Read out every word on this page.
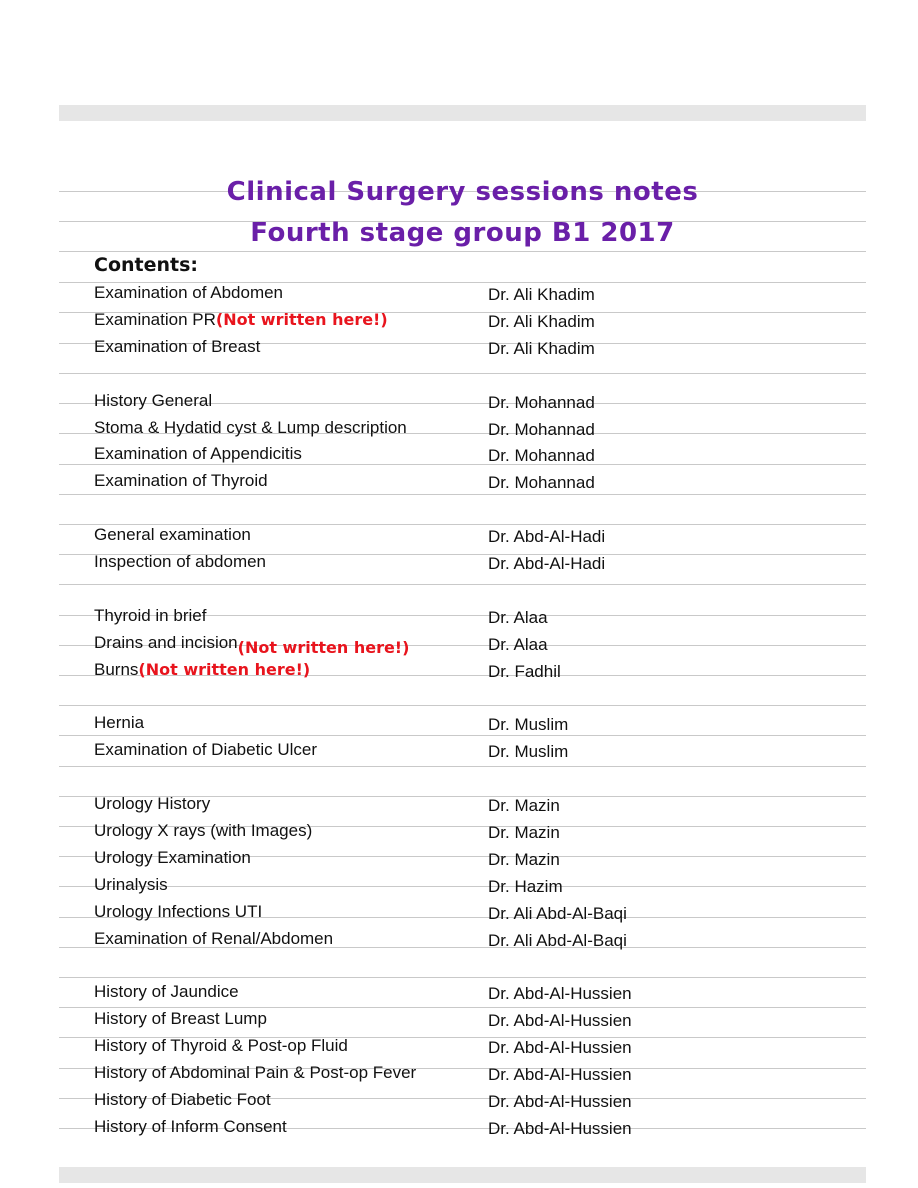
Clinical Surgery sessions notes
Fourth stage group B1 2017
Contents:
Examination of Abdomen	Dr. Ali Khadim
Examination PR(Not written here!)	Dr. Ali Khadim
Examination of Breast	Dr. Ali Khadim
History General	Dr. Mohannad
Stoma & Hydatid cyst & Lump description	Dr. Mohannad
Examination of Appendicitis	Dr. Mohannad
Examination of Thyroid	Dr. Mohannad
General examination	Dr. Abd-Al-Hadi
Inspection of abdomen	Dr. Abd-Al-Hadi
Thyroid in brief	Dr. Alaa
Drains and incision(Not written here!)	Dr. Alaa
Burns(Not written here!)	Dr. Fadhil
Hernia	Dr. Muslim
Examination of Diabetic Ulcer	Dr. Muslim
Urology History	Dr. Mazin
Urology X rays (with Images)	Dr. Mazin
Urology Examination	Dr. Mazin
Urinalysis	Dr. Hazim
Urology Infections UTI	Dr. Ali Abd-Al-Baqi
Examination of Renal/Abdomen	Dr. Ali Abd-Al-Baqi
History of Jaundice	Dr. Abd-Al-Hussien
History of Breast Lump	Dr. Abd-Al-Hussien
History of Thyroid & Post-op Fluid	Dr. Abd-Al-Hussien
History of Abdominal Pain & Post-op Fever	Dr. Abd-Al-Hussien
History of Diabetic Foot	Dr. Abd-Al-Hussien
History of Inform Consent	Dr. Abd-Al-Hussien
